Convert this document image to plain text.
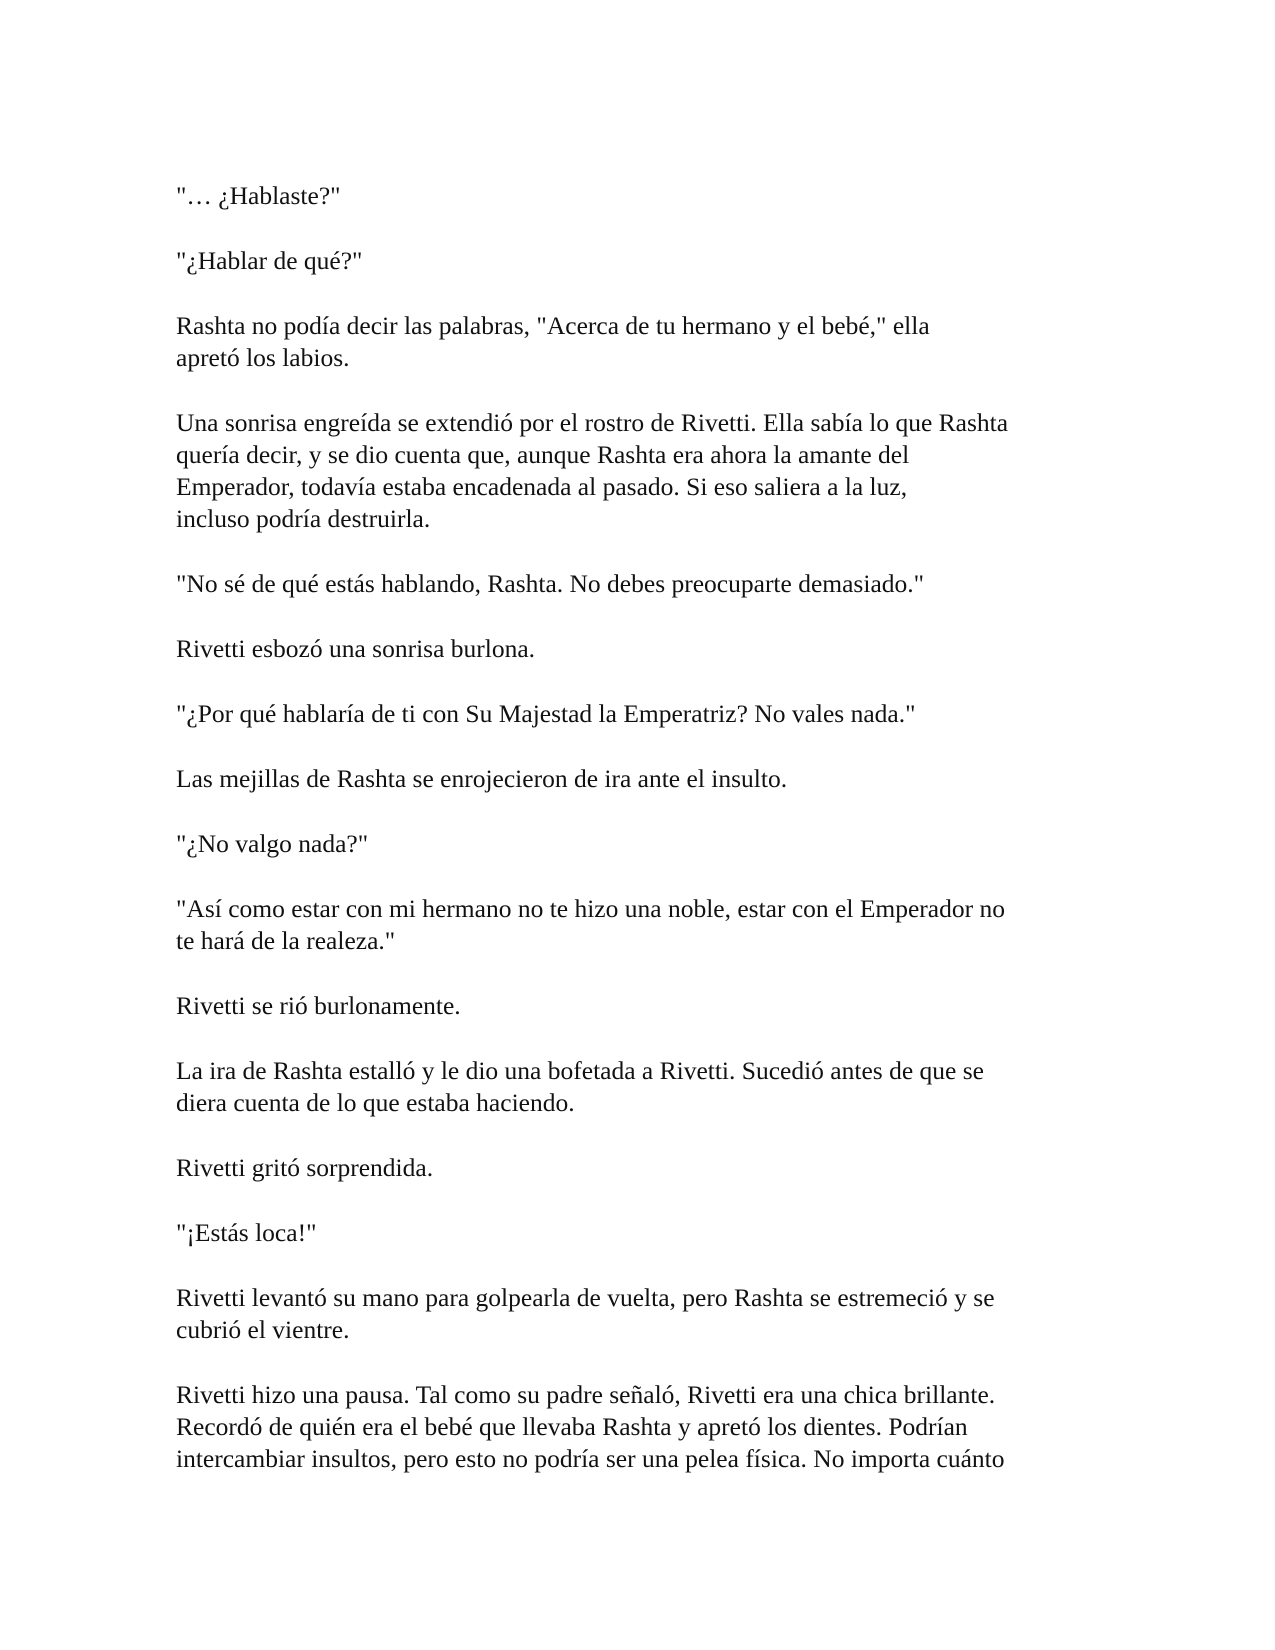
"… ¿Hablaste?"

"¿Hablar de qué?"

Rashta no podía decir las palabras, "Acerca de tu hermano y el bebé," ella
apretó los labios.

Una sonrisa engreída se extendió por el rostro de Rivetti. Ella sabía lo que Rashta
quería decir, y se dio cuenta que, aunque Rashta era ahora la amante del
Emperador, todavía estaba encadenada al pasado. Si eso saliera a la luz,
incluso podría destruirla.

"No sé de qué estás hablando, Rashta. No debes preocuparte demasiado."

Rivetti esbozó una sonrisa burlona.

"¿Por qué hablaría de ti con Su Majestad la Emperatriz? No vales nada."

Las mejillas de Rashta se enrojecieron de ira ante el insulto.

"¿No valgo nada?"

"Así como estar con mi hermano no te hizo una noble, estar con el Emperador no
te hará de la realeza."

Rivetti se rió burlonamente.

La ira de Rashta estalló y le dio una bofetada a Rivetti. Sucedió antes de que se
diera cuenta de lo que estaba haciendo.

Rivetti gritó sorprendida.

"¡Estás loca!"

Rivetti levantó su mano para golpearla de vuelta, pero Rashta se estremeció y se
cubrió el vientre.

Rivetti hizo una pausa. Tal como su padre señaló, Rivetti era una chica brillante.
Recordó de quién era el bebé que llevaba Rashta y apretó los dientes. Podrían
intercambiar insultos, pero esto no podría ser una pelea física. No importa cuánto
